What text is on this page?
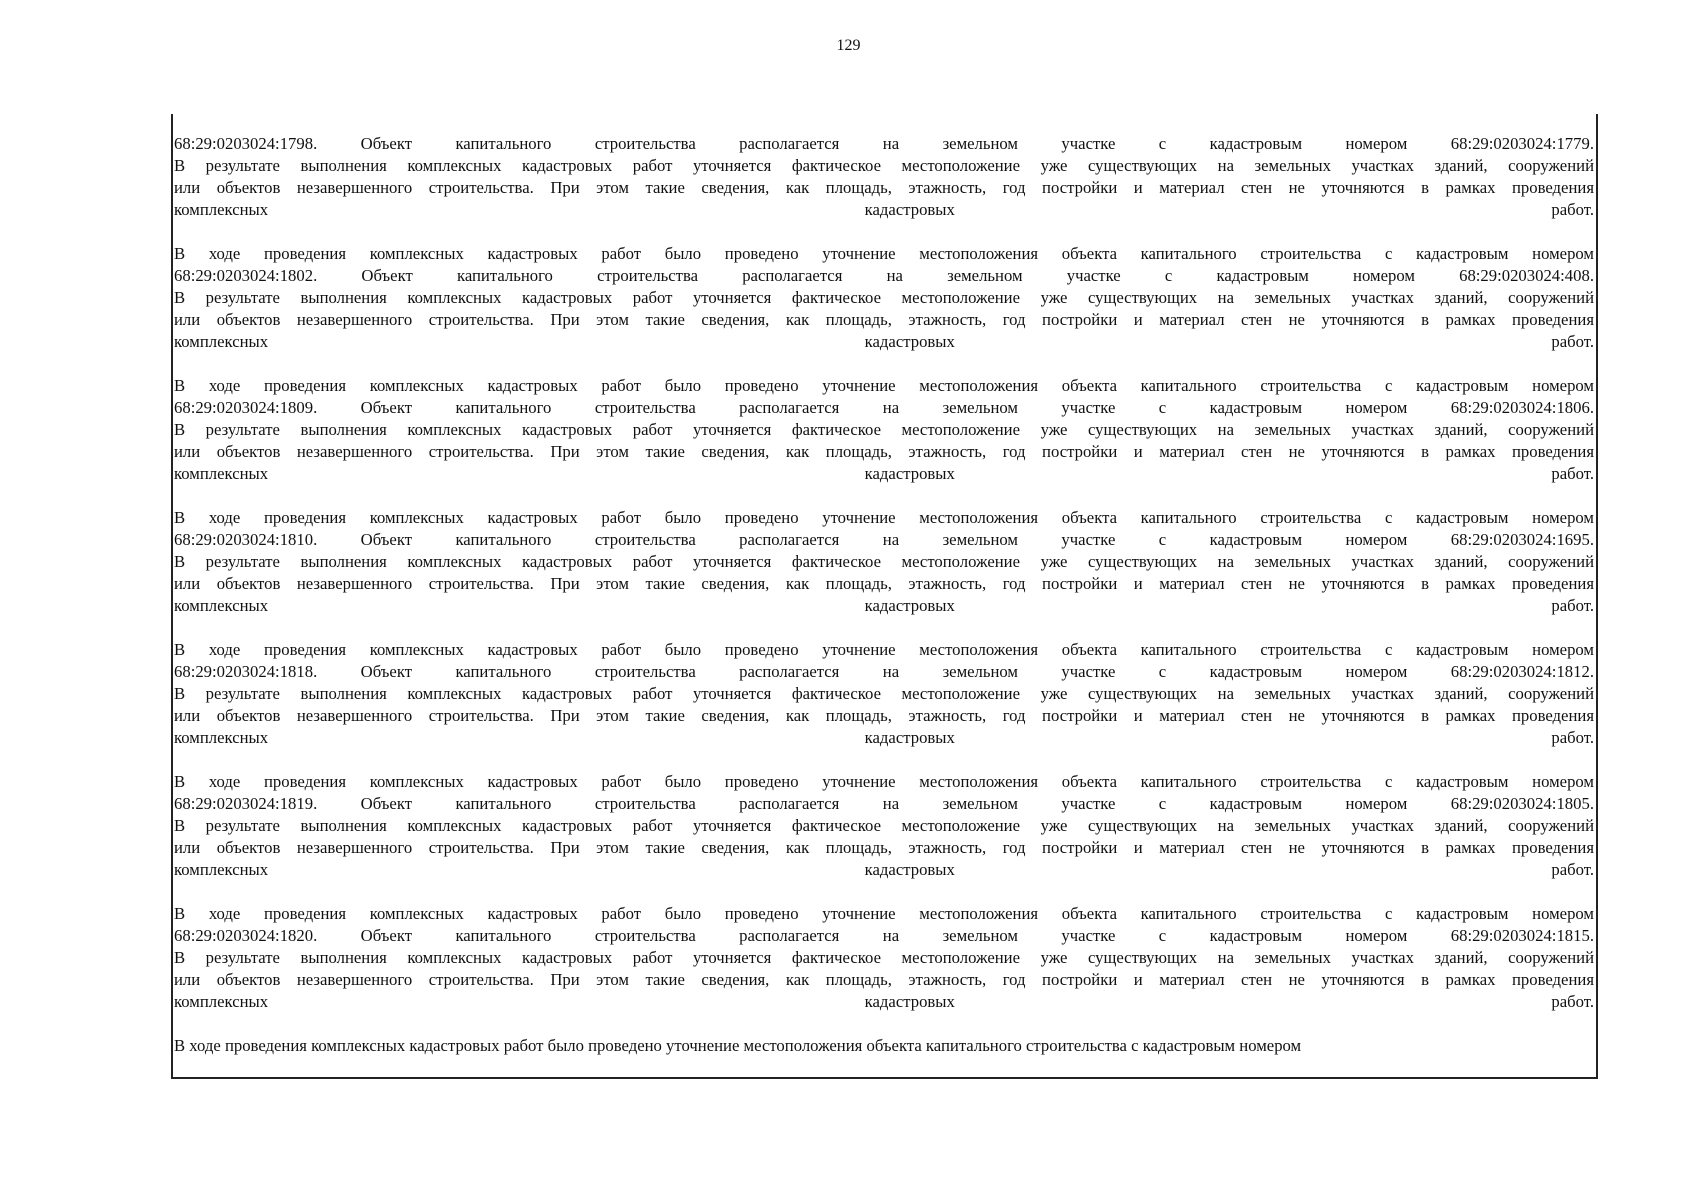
129
68:29:0203024:1798. Объект капитального строительства располагается на земельном участке с кадастровым номером 68:29:0203024:1779.
В результате выполнения комплексных кадастровых работ уточняется фактическое местоположение уже существующих на земельных участках зданий, сооружений
или объектов незавершенного строительства. При этом такие сведения, как площадь, этажность, год постройки и материал стен не уточняются в рамках проведения
комплексных кадастровых работ.
В ходе проведения комплексных кадастровых работ было проведено уточнение местоположения объекта капитального строительства с кадастровым номером
68:29:0203024:1802. Объект капитального строительства располагается на земельном участке с кадастровым номером 68:29:0203024:408.
В результате выполнения комплексных кадастровых работ уточняется фактическое местоположение уже существующих на земельных участках зданий, сооружений
или объектов незавершенного строительства. При этом такие сведения, как площадь, этажность, год постройки и материал стен не уточняются в рамках проведения
комплексных кадастровых работ.
В ходе проведения комплексных кадастровых работ было проведено уточнение местоположения объекта капитального строительства с кадастровым номером
68:29:0203024:1809. Объект капитального строительства располагается на земельном участке с кадастровым номером 68:29:0203024:1806.
В результате выполнения комплексных кадастровых работ уточняется фактическое местоположение уже существующих на земельных участках зданий, сооружений
или объектов незавершенного строительства. При этом такие сведения, как площадь, этажность, год постройки и материал стен не уточняются в рамках проведения
комплексных кадастровых работ.
В ходе проведения комплексных кадастровых работ было проведено уточнение местоположения объекта капитального строительства с кадастровым номером
68:29:0203024:1810. Объект капитального строительства располагается на земельном участке с кадастровым номером 68:29:0203024:1695.
В результате выполнения комплексных кадастровых работ уточняется фактическое местоположение уже существующих на земельных участках зданий, сооружений
или объектов незавершенного строительства. При этом такие сведения, как площадь, этажность, год постройки и материал стен не уточняются в рамках проведения
комплексных кадастровых работ.
В ходе проведения комплексных кадастровых работ было проведено уточнение местоположения объекта капитального строительства с кадастровым номером
68:29:0203024:1818. Объект капитального строительства располагается на земельном участке с кадастровым номером 68:29:0203024:1812.
В результате выполнения комплексных кадастровых работ уточняется фактическое местоположение уже существующих на земельных участках зданий, сооружений
или объектов незавершенного строительства. При этом такие сведения, как площадь, этажность, год постройки и материал стен не уточняются в рамках проведения
комплексных кадастровых работ.
В ходе проведения комплексных кадастровых работ было проведено уточнение местоположения объекта капитального строительства с кадастровым номером
68:29:0203024:1819. Объект капитального строительства располагается на земельном участке с кадастровым номером 68:29:0203024:1805.
В результате выполнения комплексных кадастровых работ уточняется фактическое местоположение уже существующих на земельных участках зданий, сооружений
или объектов незавершенного строительства. При этом такие сведения, как площадь, этажность, год постройки и материал стен не уточняются в рамках проведения
комплексных кадастровых работ.
В ходе проведения комплексных кадастровых работ было проведено уточнение местоположения объекта капитального строительства с кадастровым номером
68:29:0203024:1820. Объект капитального строительства располагается на земельном участке с кадастровым номером 68:29:0203024:1815.
В результате выполнения комплексных кадастровых работ уточняется фактическое местоположение уже существующих на земельных участках зданий, сооружений
или объектов незавершенного строительства. При этом такие сведения, как площадь, этажность, год постройки и материал стен не уточняются в рамках проведения
комплексных кадастровых работ.
В ходе проведения комплексных кадастровых работ было проведено уточнение местоположения объекта капитального строительства с кадастровым номером
